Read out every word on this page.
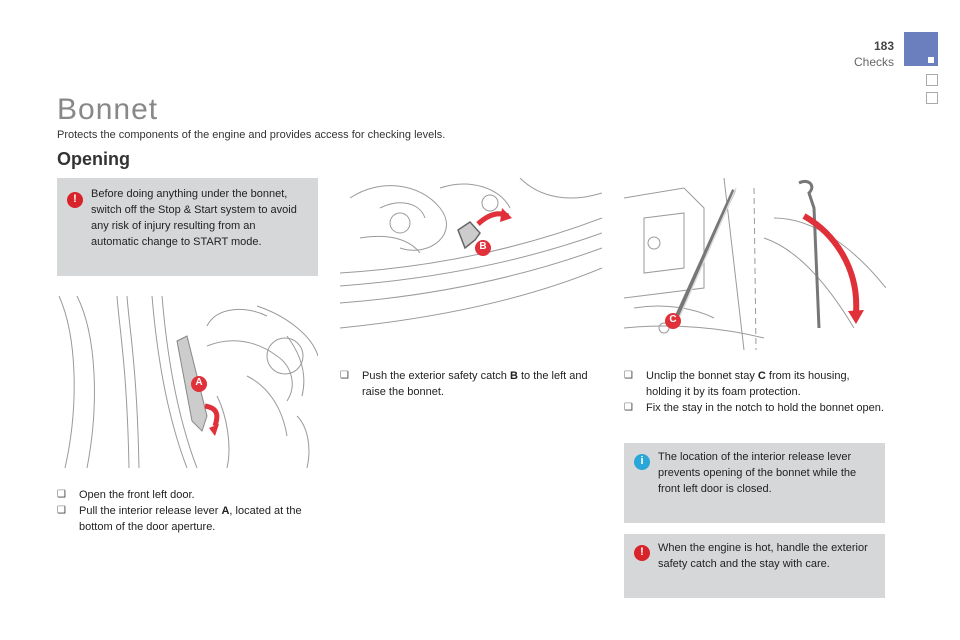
183
Checks
Bonnet
Protects the components of the engine and provides access for checking levels.
Opening
!	Before doing anything under the bonnet, switch off the Stop & Start system to avoid any risk of injury resulting from an automatic change to START mode.
A
B
C
❑ Open the front left door.
❑ Pull the interior release lever A, located at the bottom of the door aperture.
❑ Push the exterior safety catch B to the left and raise the bonnet.
❑ Unclip the bonnet stay C from its housing, holding it by its foam protection.
❑ Fix the stay in the notch to hold the bonnet open.
i	The location of the interior release lever prevents opening of the bonnet while the front left door is closed.
!	When the engine is hot, handle the exterior safety catch and the stay with care.
